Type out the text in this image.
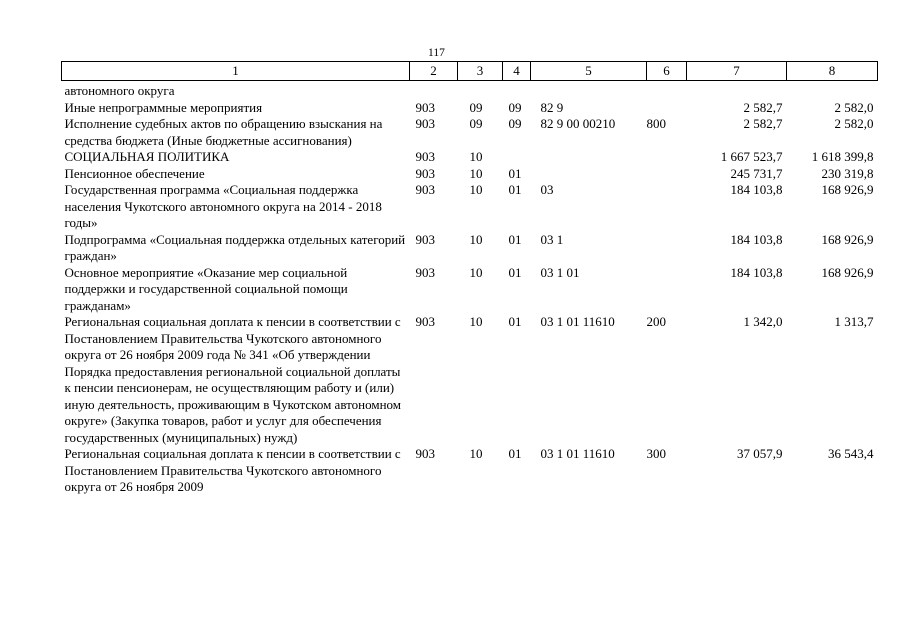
117
1	2	3	4	5	6	7	8
автономного округа							
Иные непрограммные мероприятия	903	09	09	82 9		2 582,7	2 582,0
Исполнение судебных актов по обращению взыскания на средства бюджета (Иные бюджетные ассигнования)	903	09	09	82 9 00 00210	800	2 582,7	2 582,0
СОЦИАЛЬНАЯ ПОЛИТИКА	903	10				1 667 523,7	1 618 399,8
Пенсионное обеспечение	903	10	01			245 731,7	230 319,8
Государственная программа «Социальная поддержка населения Чукотского автономного округа на 2014 - 2018 годы»	903	10	01	03		184 103,8	168 926,9
Подпрограмма «Социальная поддержка отдельных категорий граждан»	903	10	01	03 1		184 103,8	168 926,9
Основное мероприятие «Оказание мер социальной поддержки и государственной социальной помощи гражданам»	903	10	01	03 1 01		184 103,8	168 926,9
Региональная социальная доплата к пенсии в соответствии с Постановлением Правительства Чукотского автономного округа от 26 ноября 2009 года № 341 «Об утверждении Порядка предоставления региональной социальной доплаты к пенсии пенсионерам, не осуществляющим работу и (или) иную деятельность, проживающим в Чукотском автономном округе» (Закупка товаров, работ и услуг для обеспечения государственных (муниципальных) нужд)	903	10	01	03 1 01 11610	200	1 342,0	1 313,7
Региональная социальная доплата к пенсии в соответствии с Постановлением Правительства Чукотского автономного округа от 26 ноября 2009	903	10	01	03 1 01 11610	300	37 057,9	36 543,4
